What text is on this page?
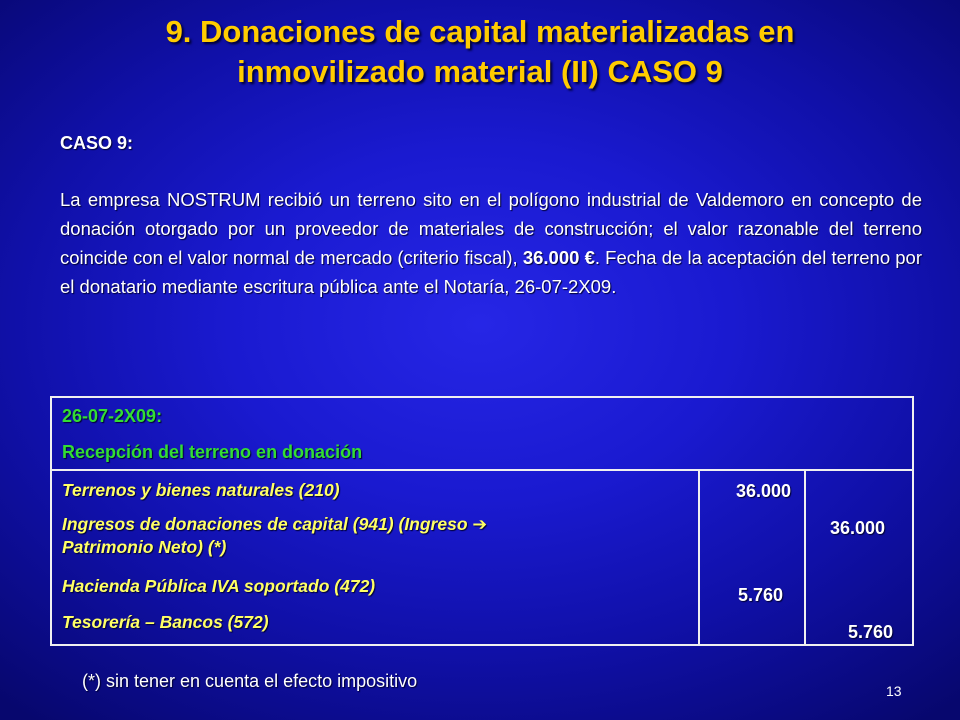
9. Donaciones de capital materializadas en
inmovilizado material (II) CASO 9
CASO 9:

La empresa NOSTRUM recibió un terreno sito en el polígono industrial de Valdemoro en concepto de donación otorgado por un proveedor de materiales de construcción; el valor razonable del terreno coincide con el valor normal de mercado (criterio fiscal), 36.000 €. Fecha de la aceptación del terreno por el donatario mediante escritura pública ante el Notaría, 26-07-2X09.

26-07-2X09:
Recepción del terreno en donación
Terrenos y bienes naturales (210)
Ingresos de donaciones de capital (941) (Ingreso ➔
Patrimonio Neto) (*)
Hacienda Pública IVA soportado (472)
Tesorería – Bancos (572)
36.000
5.760
36.000
5.760
(*) sin tener en cuenta el efecto impositivo	13
